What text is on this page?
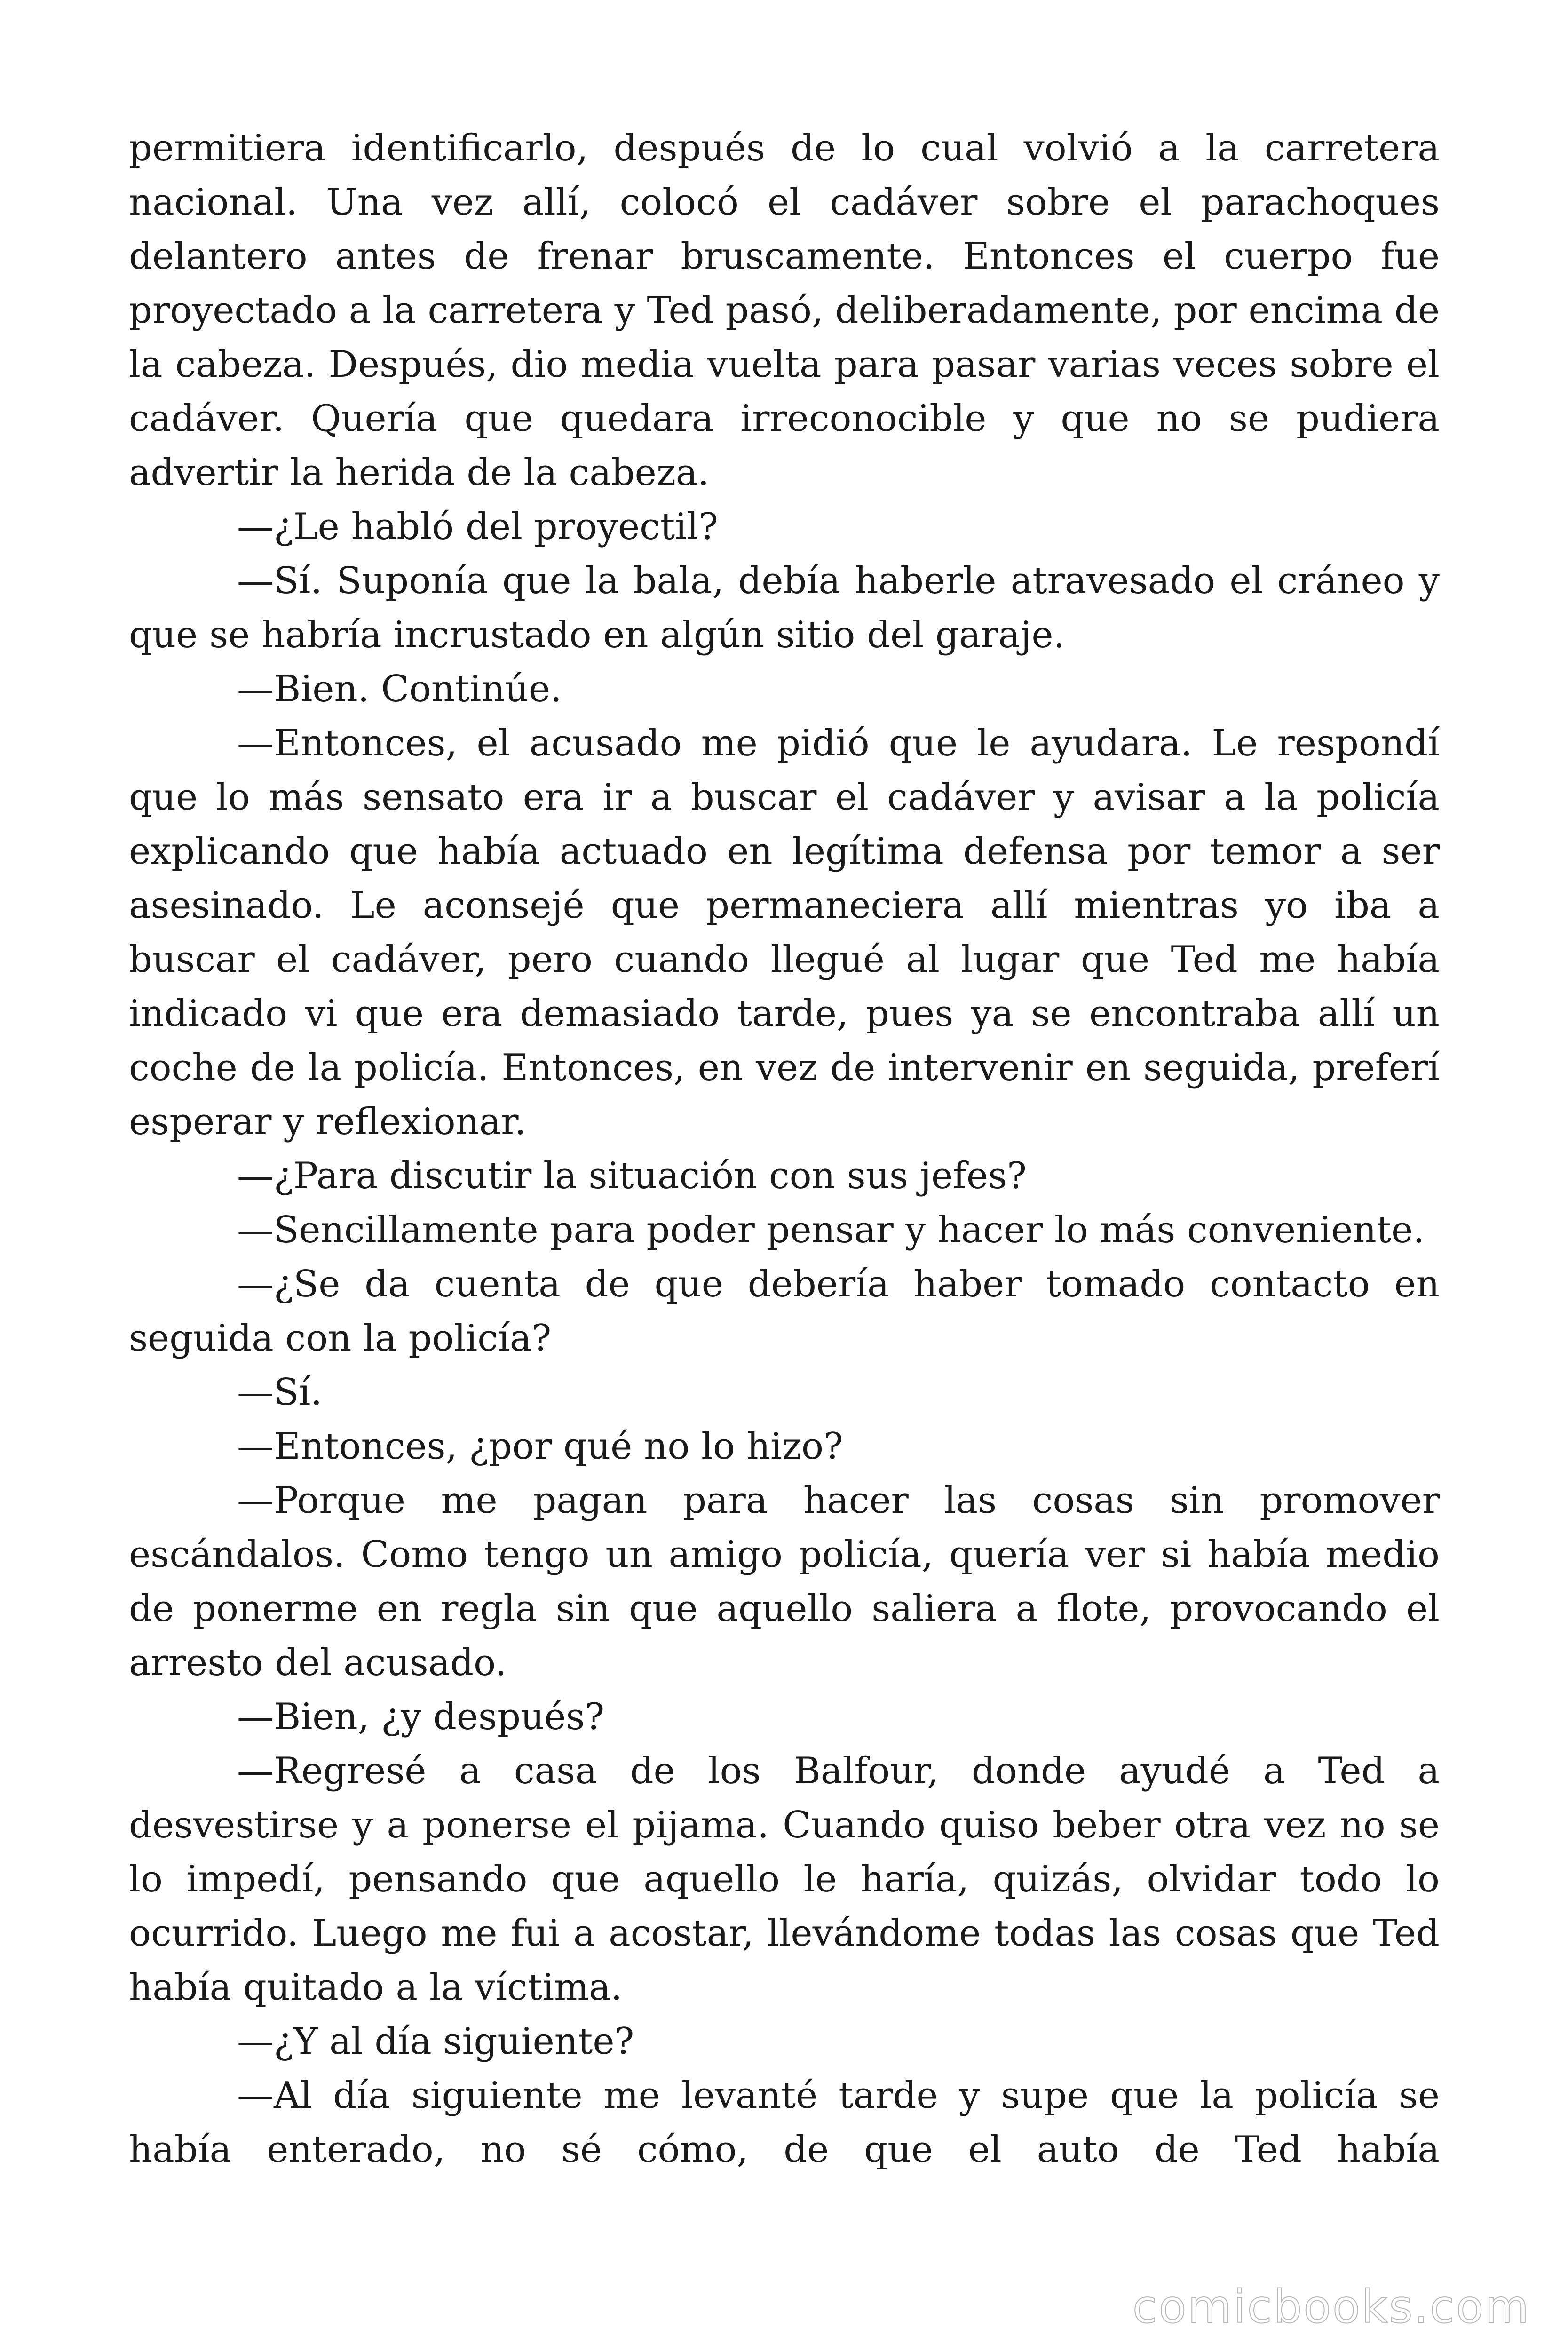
permitiera identificarlo, después de lo cual volvió a la carretera nacional. Una vez allí, colocó el cadáver sobre el parachoques delantero antes de frenar bruscamente. Entonces el cuerpo fue proyectado a la carretera y Ted pasó, deliberadamente, por encima de la cabeza. Después, dio media vuelta para pasar varias veces sobre el cadáver. Quería que quedara irreconocible y que no se pudiera advertir la herida de la cabeza.

—¿Le habló del proyectil?

—Sí. Suponía que la bala, debía haberle atravesado el cráneo y que se habría incrustado en algún sitio del garaje.

—Bien. Continúe.

—Entonces, el acusado me pidió que le ayudara. Le respondí que lo más sensato era ir a buscar el cadáver y avisar a la policía explicando que había actuado en legítima defensa por temor a ser asesinado. Le aconsejé que permaneciera allí mientras yo iba a buscar el cadáver, pero cuando llegué al lugar que Ted me había indicado vi que era demasiado tarde, pues ya se encontraba allí un coche de la policía. Entonces, en vez de intervenir en seguida, preferí esperar y reflexionar.

—¿Para discutir la situación con sus jefes?

—Sencillamente para poder pensar y hacer lo más conveniente.

—¿Se da cuenta de que debería haber tomado contacto en seguida con la policía?

—Sí.

—Entonces, ¿por qué no lo hizo?

—Porque me pagan para hacer las cosas sin promover escándalos. Como tengo un amigo policía, quería ver si había medio de ponerme en regla sin que aquello saliera a flote, provocando el arresto del acusado.

—Bien, ¿y después?

—Regresé a casa de los Balfour, donde ayudé a Ted a desvestirse y a ponerse el pijama. Cuando quiso beber otra vez no se lo impedí, pensando que aquello le haría, quizás, olvidar todo lo ocurrido. Luego me fui a acostar, llevándome todas las cosas que Ted había quitado a la víctima.

—¿Y al día siguiente?

—Al día siguiente me levanté tarde y supe que la policía se había enterado, no sé cómo, de que el auto de Ted había

comicbooks.com
